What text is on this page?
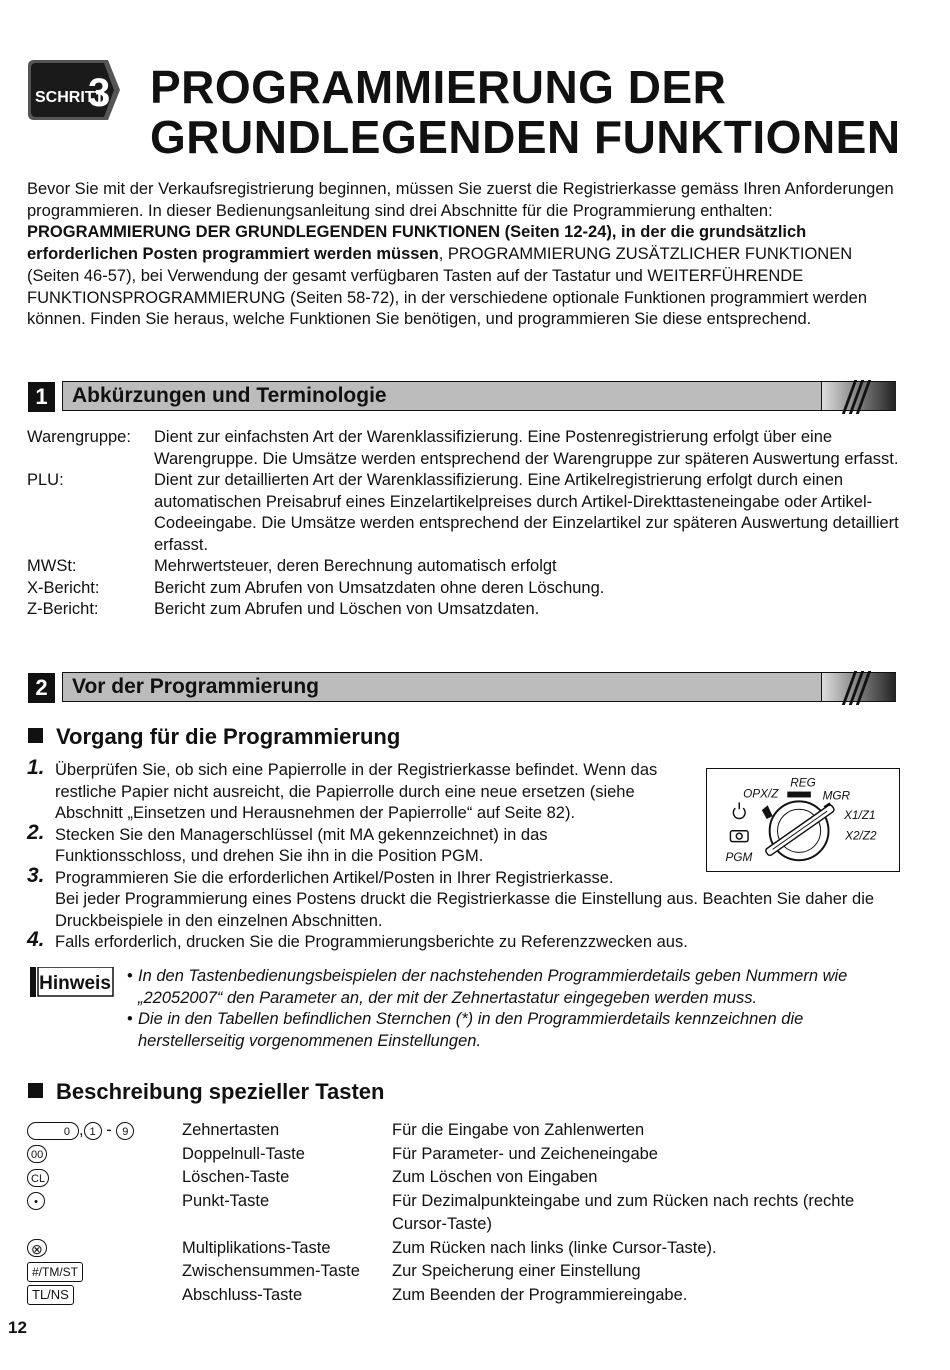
SCHRITT
3 PROGRAMMIERUNG DER
GRUNDLEGENDEN FUNKTIONEN
Bevor Sie mit der Verkaufsregistrierung beginnen, müssen Sie zuerst die Registrierkasse gemäss Ihren Anforderungen programmieren. In dieser Bedienungsanleitung sind drei Abschnitte für die Programmierung enthalten: PROGRAMMIERUNG DER GRUNDLEGENDEN FUNKTIONEN (Seiten 12-24), in der die grundsätzlich erforderlichen Posten programmiert werden müssen, PROGRAMMIERUNG ZUSÄTZLICHER FUNKTIONEN (Seiten 46-57), bei Verwendung der gesamt verfügbaren Tasten auf der Tastatur und WEITERFÜHRENDE FUNKTIONSPROGRAMMIERUNG (Seiten 58-72), in der verschiedene optionale Funktionen programmiert werden können. Finden Sie heraus, welche Funktionen Sie benötigen, und programmieren Sie diese entsprechend.
1	Abkürzungen und Terminologie
Warengruppe:	Dient zur einfachsten Art der Warenklassifizierung. Eine Postenregistrierung erfolgt über eine Warengruppe. Die Umsätze werden entsprechend der Warengruppe zur späteren Auswertung erfasst.
PLU:	Dient zur detaillierten Art der Warenklassifizierung. Eine Artikelregistrierung erfolgt durch einen automatischen Preisabruf eines Einzelartikelpreises durch Artikel-Direkttasteneingabe oder Artikel-Codeeingabe. Die Umsätze werden entsprechend der Einzelartikel zur späteren Auswertung detailliert erfasst.
MWSt:	Mehrwertsteuer, deren Berechnung automatisch erfolgt
X-Bericht:	Bericht zum Abrufen von Umsatzdaten ohne deren Löschung.
Z-Bericht:	Bericht zum Abrufen und Löschen von Umsatzdaten.
2	Vor der Programmierung
Vorgang für die Programmierung
1. Überprüfen Sie, ob sich eine Papierrolle in der Registrierkasse befindet. Wenn das restliche Papier nicht ausreicht, die Papierrolle durch eine neue ersetzen (siehe Abschnitt „Einsetzen und Herausnehmen der Papierrolle“ auf Seite 82).
2. Stecken Sie den Managerschlüssel (mit MA gekennzeichnet) in das Funktionsschloss, und drehen Sie ihn in die Position PGM.
3. Programmieren Sie die erforderlichen Artikel/Posten in Ihrer Registrierkasse.
Bei jeder Programmierung eines Postens druckt die Registrierkasse die Einstellung aus. Beachten Sie daher die Druckbeispiele in den einzelnen Abschnitten.
4. Falls erforderlich, drucken Sie die Programmierungsberichte zu Referenzzwecken aus.
REG
OPX/Z	MGR
X1/Z1
X2/Z2
PGM
Hinweis • In den Tastenbedienungsbeispielen der nachstehenden Programmierdetails geben Nummern wie „22052007“ den Parameter an, der mit der Zehnertastatur eingegeben werden muss.
• Die in den Tabellen befindlichen Sternchen (*) in den Programmierdetails kennzeichnen die herstellerseitig vorgenommenen Einstellungen.
Beschreibung spezieller Tasten
0 , 1 - 9	Zehnertasten	Für die Eingabe von Zahlenwerten
00	Doppelnull-Taste	Für Parameter- und Zeicheneingabe
CL	Löschen-Taste	Zum Löschen von Eingaben
•	Punkt-Taste	Für Dezimalpunkteingabe und zum Rücken nach rechts (rechte Cursor-Taste)
⊗	Multiplikations-Taste	Zum Rücken nach links (linke Cursor-Taste).
#/TM/ST	Zwischensummen-Taste	Zur Speicherung einer Einstellung
TL/NS	Abschluss-Taste	Zum Beenden der Programmiereingabe.
12
